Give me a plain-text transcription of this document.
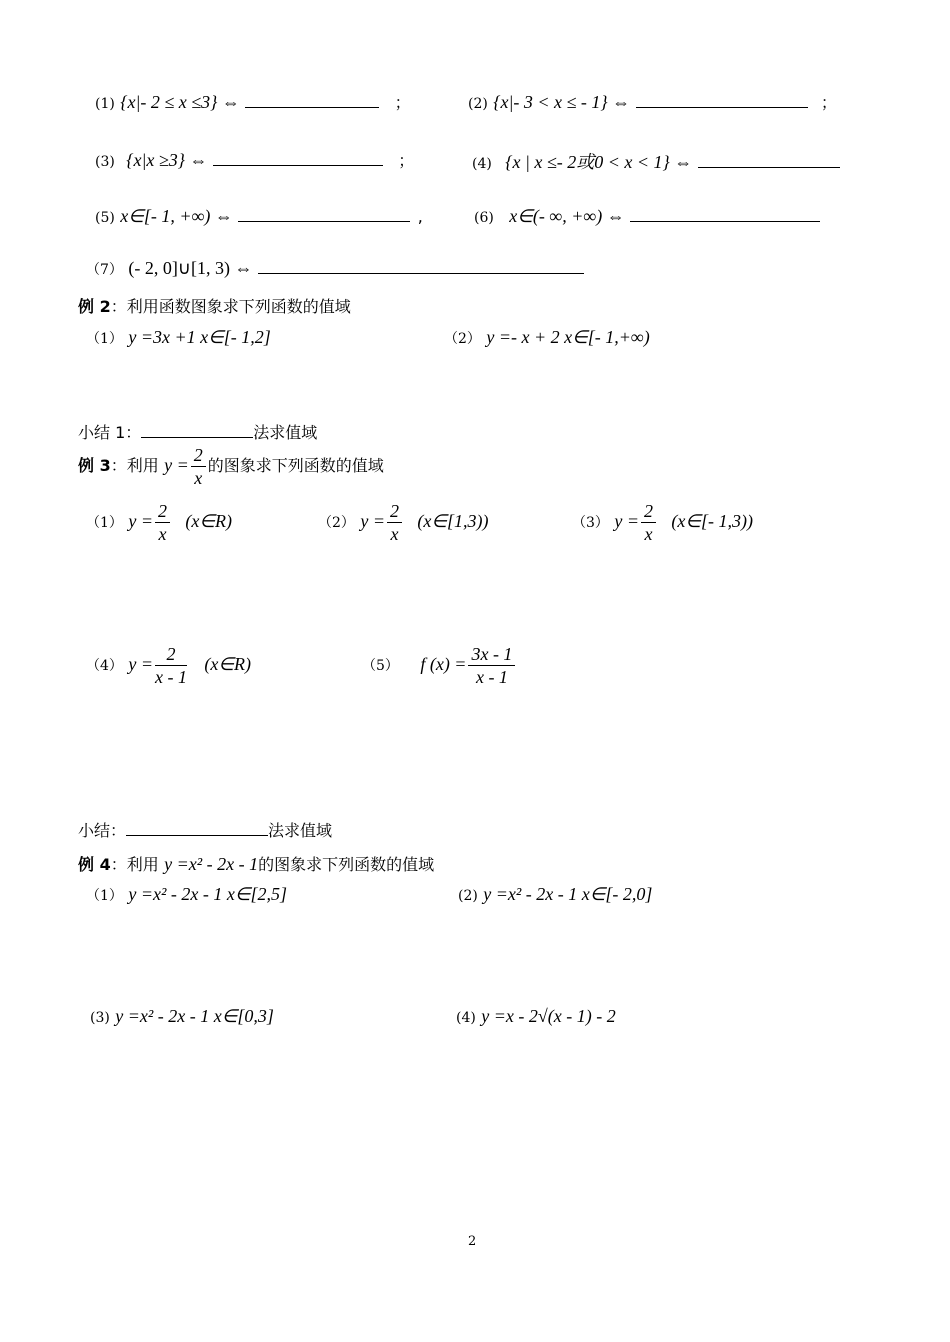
(1) {x|- 2 ≤ x ≤3} ⇔	；	(2) {x|- 3 < x ≤ - 1} ⇔	；
(3) {x|x ≥3} ⇔	；	(4) {x | x ≤- 2或0 < x < 1} ⇔
(5) x∈[- 1, +∞) ⇔	,	(6) x∈(- ∞, +∞) ⇔
（7） (- 2, 0]∪[1, 3) ⇔
例 2：利用函数图象求下列函数的值域
（1） y =3x +1 x∈[- 1,2]	（2） y =- x + 2 x∈[- 1,+∞)
小结 1：	法求值域
例 3：利用 $y = \frac{2}{x}$ 的图象求下列函数的值域
（1） $y = \frac{2}{x}$ (x∈R)	（2） $y = \frac{2}{x}$ (x∈[1,3))	（3） $y = \frac{2}{x}$ (x∈[- 1,3))
（4） $y = \frac{2}{x - 1}$ (x∈R)	（5） f $(x) = \frac{3x - 1}{x - 1}$
小结：	法求值域
例 4：利用 y =x² - 2x - 1的图象求下列函数的值域
（1） y =x² - 2x - 1 x∈[2,5]	(2) y =x² - 2x - 1 x∈[- 2,0]
(3) y =x² - 2x - 1 x∈[0,3]	(4) y =x - 2√(x - 1) - 2
2
